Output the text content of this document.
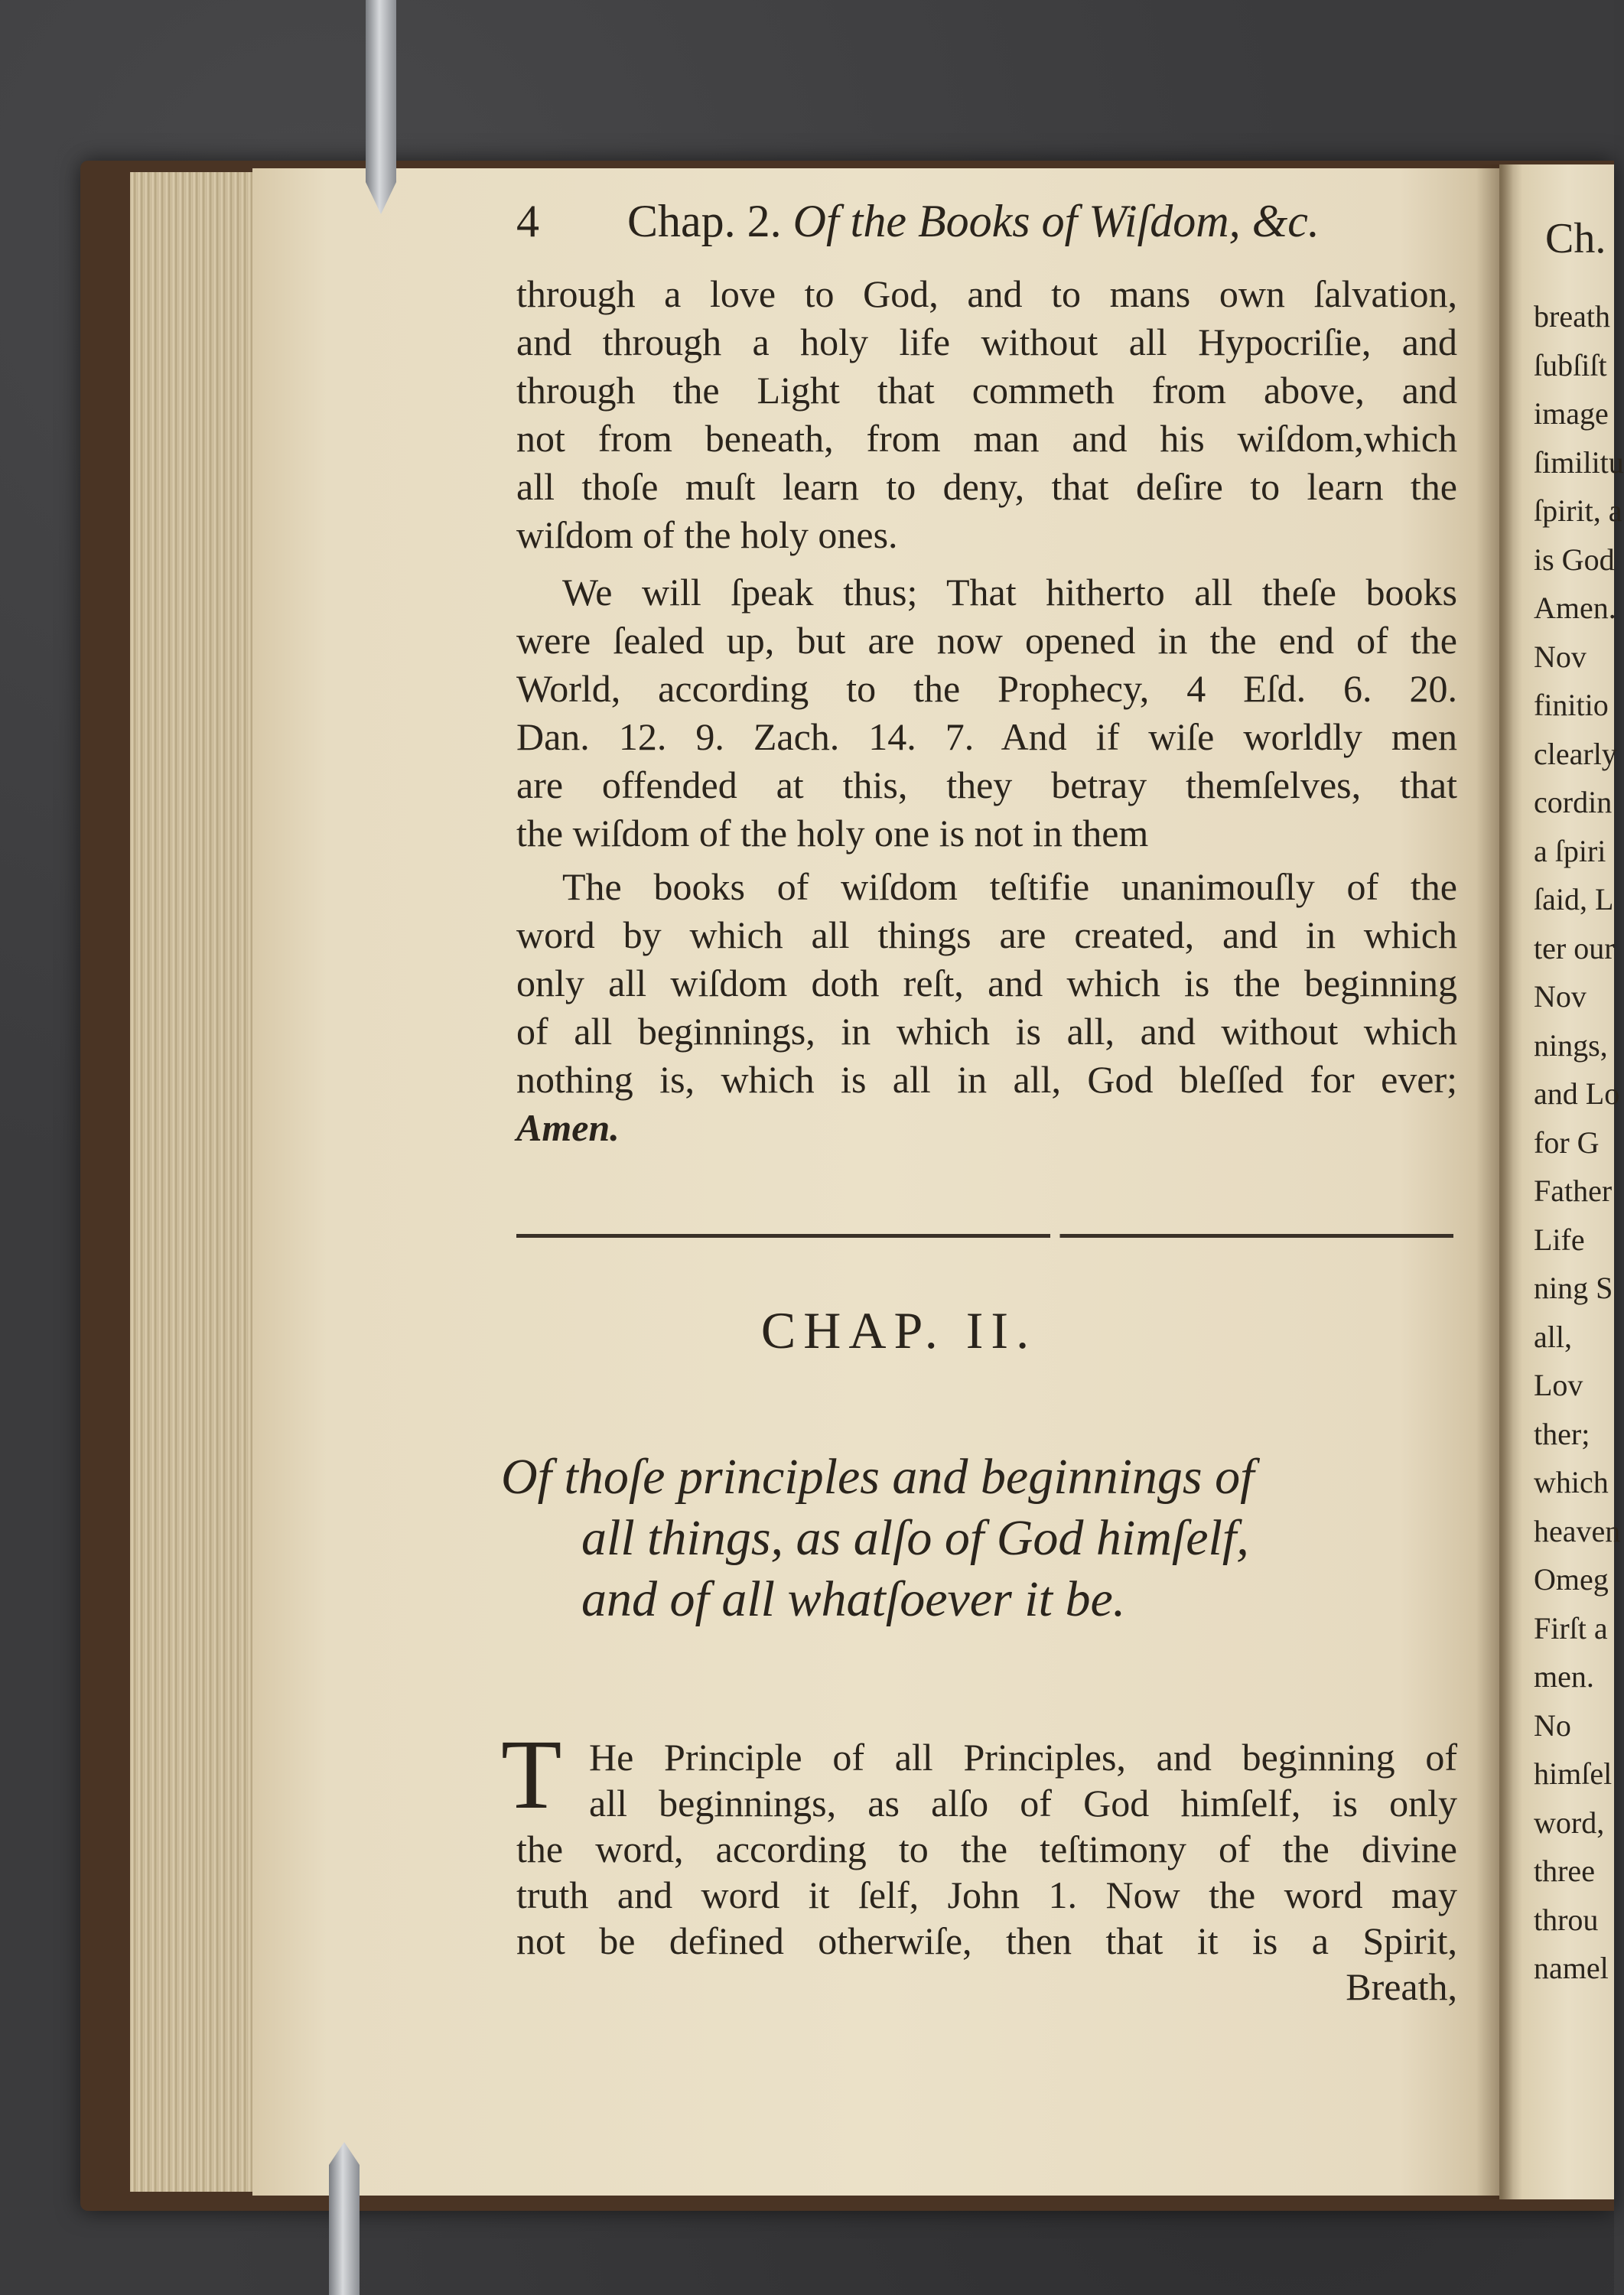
Ch.
breath
ſubſiſt
image
ſimilitu
ſpirit, a
is God
Amen.
Nov
finitio
clearly
cordin
a ſpiri
ſaid, L
ter our
Nov
nings,
and Lo
for G
Father
Life
ning S
all,
Lov
ther;
which
heaven
Omeg
Firſt a
men.
No
himſel
word,
three
throu
namel
4 Chap. 2. Of the Books of Wiſdom, &c.
through a love to God, and to mans own ſalvation,
and through a holy life without all Hypocriſie, and
through the Light that commeth from above, and
not from beneath, from man and his wiſdom,which
all thoſe muſt learn to deny, that deſire to learn the
wiſdom of the holy ones.
We will ſpeak thus; That hitherto all theſe books
were ſealed up, but are now opened in the end of the
World, according to the Prophecy, 4 Eſd. 6. 20.
Dan. 12. 9. Zach. 14. 7. And if wiſe worldly men
are offended at this, they betray themſelves, that
the wiſdom of the holy one is not in them
The books of wiſdom teſtifie unanimouſly of the
word by which all things are created, and in which
only all wiſdom doth reſt, and which is the beginning
of all beginnings, in which is all, and without which
nothing is, which is all in all, God bleſſed for ever;
Amen.
CHAP. II.
Of thoſe principles and beginnings of
all things, as alſo of God himſelf,
and of all whatſoever it be.
T He Principle of all Principles, and beginning of
all beginnings, as alſo of God himſelf, is only
the word, according to the teſtimony of the divine
truth and word it ſelf, John 1. Now the word may
not be defined otherwiſe, then that it is a Spirit,
Breath,
